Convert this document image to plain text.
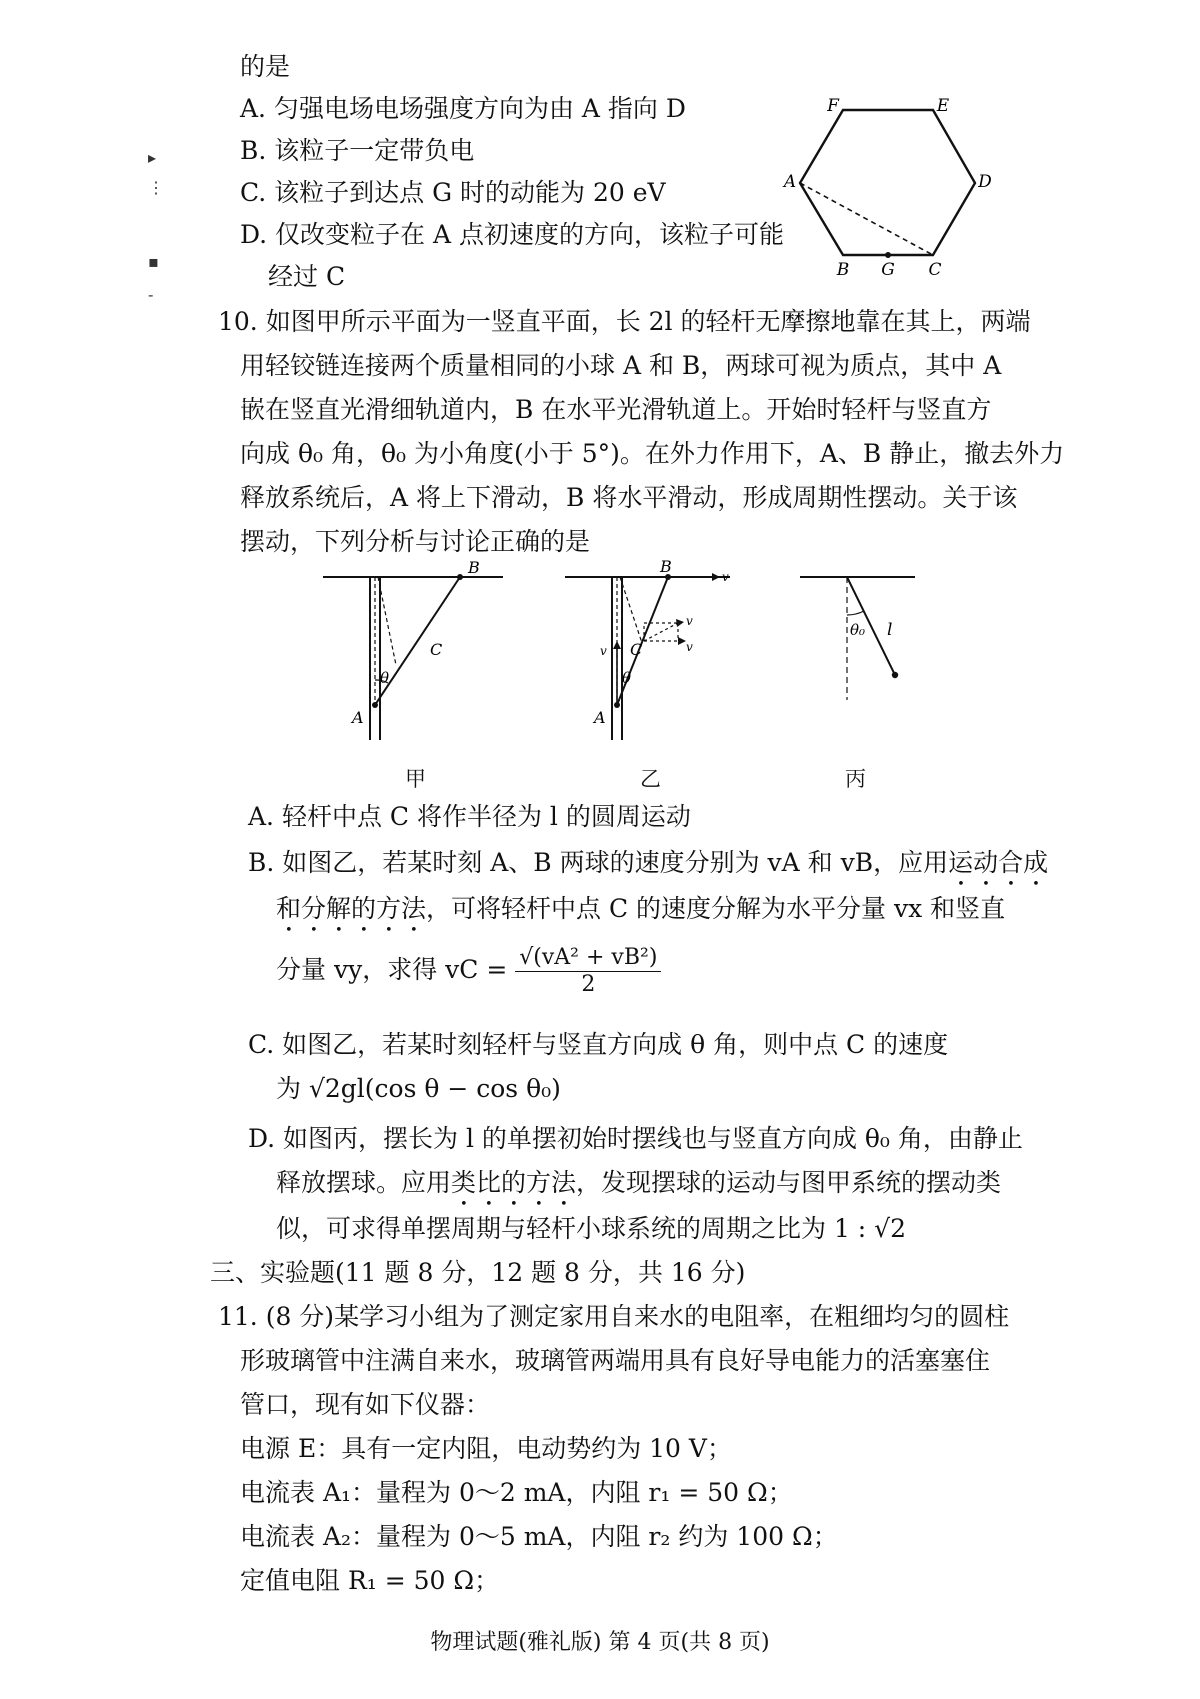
▸
⋮
▪
-
的是
A. 匀强电场电场强度方向为由 A 指向 D
B. 该粒子一定带负电
C. 该粒子到达点 G 时的动能为 20 eV
D. 仅改变粒子在 A 点初速度的方向，该粒子可能
经过 C
F	E
A	D
B G C
10. 如图甲所示平面为一竖直平面，长 2l 的轻杆无摩擦地靠在其上，两端
用轻铰链连接两个质量相同的小球 A 和 B，两球可视为质点，其中 A
嵌在竖直光滑细轨道内，B 在水平光滑轨道上。开始时轻杆与竖直方
向成 θ₀ 角，θ₀ 为小角度(小于 5°)。在外力作用下，A、B 静止，撤去外力
释放系统后，A 将上下滑动，B 将水平滑动，形成周期性摆动。关于该
摆动，下列分析与讨论正确的是
B
C
θ
A
B
v
v
v
v
θ
C
A
θ₀ l
甲	乙	丙
A. 轻杆中点 C 将作半径为 l 的圆周运动
B. 如图乙，若某时刻 A、B 两球的速度分别为 vA 和 vB，应用运动合成
和分解的方法，可将轻杆中点 C 的速度分解为水平分量 vx 和竖直
分量 vy，求得 vC = $\frac{\text{√(vA² + vB²)}}{2}$
C. 如图乙，若某时刻轻杆与竖直方向成 θ 角，则中点 C 的速度
为 √2gl(cos θ − cos θ₀)
D. 如图丙，摆长为 l 的单摆初始时摆线也与竖直方向成 θ₀ 角，由静止
释放摆球。应用类比的方法，发现摆球的运动与图甲系统的摆动类
似，可求得单摆周期与轻杆小球系统的周期之比为 1 : √2
三、实验题(11 题 8 分，12 题 8 分，共 16 分)
11. (8 分)某学习小组为了测定家用自来水的电阻率，在粗细均匀的圆柱
形玻璃管中注满自来水，玻璃管两端用具有良好导电能力的活塞塞住
管口，现有如下仪器：
电源 E：具有一定内阻，电动势约为 10 V；
电流表 A₁：量程为 0～2 mA，内阻 r₁ = 50 Ω；
电流表 A₂：量程为 0～5 mA，内阻 r₂ 约为 100 Ω；
定值电阻 R₁ = 50 Ω；
物理试题(雅礼版) 第 4 页(共 8 页)
